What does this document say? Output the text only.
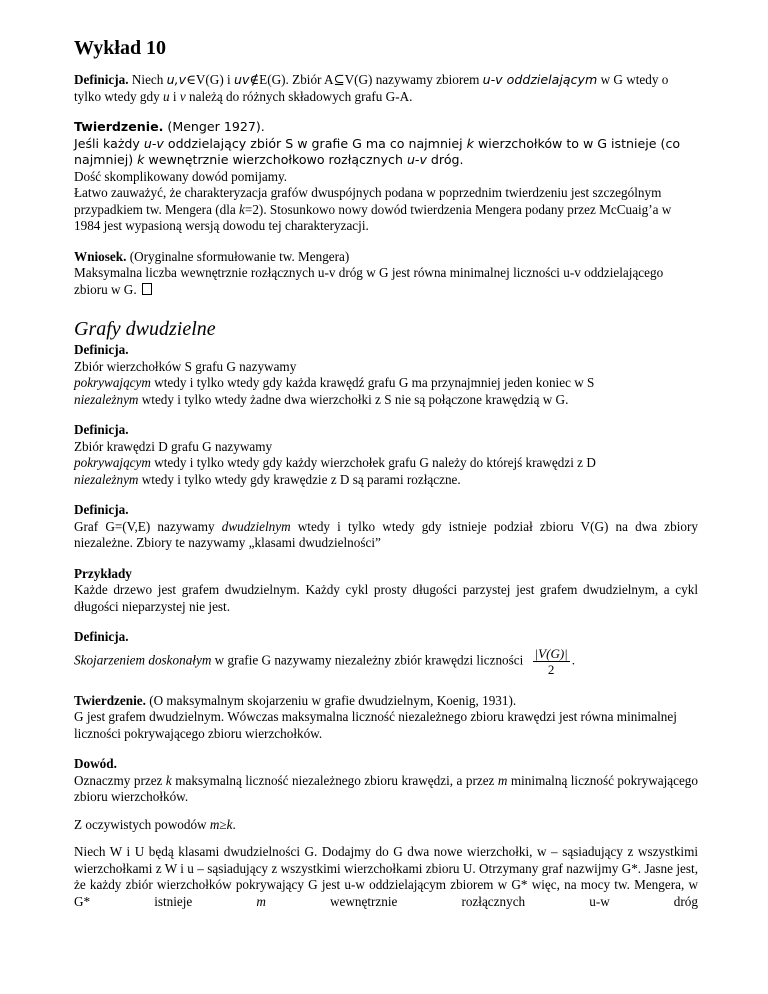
Wykład 10

Definicja. Niech u,v∈V(G) i uv∉E(G). Zbiór A⊆V(G) nazywamy zbiorem u-v oddzielającym w G wtedy o tylko wtedy gdy u i v należą do różnych składowych grafu G-A.

Twierdzenie. (Menger 1927).

Jeśli każdy u-v oddzielający zbiór S w grafie G ma co najmniej k wierzchołków to w G istnieje (co najmniej) k wewnętrznie wierzchołkowo rozłącznych u-v dróg.

Dość skomplikowany dowód pomijamy.

Łatwo zauważyć, że charakteryzacja grafów dwuspójnych podana w poprzednim twierdzeniu jest szczególnym przypadkiem tw. Mengera (dla k=2). Stosunkowo nowy dowód twierdzenia Mengera podany przez McCuaig’a w 1984 jest wypasioną wersją dowodu tej charakteryzacji.

Wniosek. (Oryginalne sformułowanie tw. Mengera)

Maksymalna liczba wewnętrznie rozłącznych u-v dróg w G jest równa minimalnej liczności u-v oddzielającego zbioru w G.

Grafy dwudzielne

Definicja.

Zbiór wierzchołków S grafu G nazywamy

pokrywającym wtedy i tylko wtedy gdy każda krawędź grafu G ma przynajmniej jeden koniec w S

niezależnym wtedy i tylko wtedy żadne dwa wierzchołki z S nie są połączone krawędzią w G.

Definicja.

Zbiór krawędzi D grafu G nazywamy

pokrywającym wtedy i tylko wtedy gdy każdy wierzchołek grafu G należy do którejś krawędzi z D

niezależnym wtedy i tylko wtedy gdy krawędzie z D są parami rozłączne.

Definicja.

Graf G=(V,E) nazywamy dwudzielnym wtedy i tylko wtedy gdy istnieje podział zbioru V(G) na dwa zbiory niezależne. Zbiory te nazywamy „klasami dwudzielności”

Przykłady

Każde drzewo jest grafem dwudzielnym. Każdy cykl prosty długości parzystej jest grafem dwudzielnym, a cykl długości nieparzystej nie jest.

Definicja.

Skojarzeniem doskonałym w grafie G nazywamy niezależny zbiór krawędzi liczności $\frac{|V(G)|}{2}$ .

Twierdzenie. (O maksymalnym skojarzeniu w grafie dwudzielnym, Koenig, 1931).

G jest grafem dwudzielnym. Wówczas maksymalna liczność niezależnego zbioru krawędzi jest równa minimalnej liczności pokrywającego zbioru wierzchołków.

Dowód.

Oznaczmy przez k maksymalną liczność niezależnego zbioru krawędzi, a przez m minimalną liczność pokrywającego zbioru wierzchołków.

Z oczywistych powodów m≥k.

Niech W i U będą klasami dwudzielności G. Dodajmy do G dwa nowe wierzchołki, w – sąsiadujący z wszystkimi wierzchołkami z W i u – sąsiadujący z wszystkimi wierzchołkami zbioru U. Otrzymany graf nazwijmy G*. Jasne jest, że każdy zbiór wierzchołków pokrywający G jest u-w oddzielającym zbiorem w G* więc, na mocy tw. Mengera, w G* istnieje m wewnętrznie rozłącznych u-w dróg
